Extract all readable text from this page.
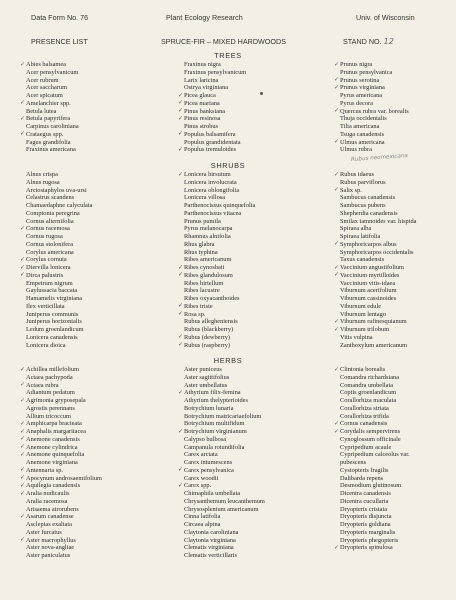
Data Form No. 76	Plant Ecology Research	Univ. of Wisconsin
PRESENCE LIST	SPRUCE-FIR – MIXED HARDWOODS	STAND NO. 12
TREES
✓ Abies balsamea
Acer pensylvanicum
Acer rubrum
Acer saccharum
Acer spicatum
✓ Amelanchier spp.
Betula lutea
✓ Betula papyrifera
Carpinus caroliniana
✓ Crataegus spp.
Fagus grandifolia
Fraxinus americana
Fraxinus nigra
Fraxinus pensylvanicum
Larix laricina
Ostrya virginiana
✓ Picea glauca
✓ Picea mariana
✓ Pinus banksiana
✓ Pinus resinosa
Pinus strobus
✓ Populus balsamifera
Populus grandidentata
✓ Populus tremuloides
✓ Prunus nigra
Prunus pensylvanica
✓ Prunus serotina
✓ Prunus virginiana
Pyrus americana
Pyrus decora
✓ Quercus rubra var. borealis
Thuja occidentalis
Tilia americana
Tsuga canadensis
✓ Ulmus americana
Ulmus rubra
Rubus neomexicana
SHRUBS
Alnus crispa
Alnus rugosa
Arctostaphylos uva-ursi
Celastrus scandens
Chamaedaphne calyculata
Comptonia peregrina
Cornus alternifolia
✓ Cornus racemosa
Cornus rugosa
Cornus stolonifera
Corylus americana
✓ Corylus cornuta
✓ Diervilla lonicera
✓ Dirca palustris
Empetrum nigrum
Gaylussacia baccata
Hamamelis virginiana
Ilex verticillata
Juniperus communis
Juniperus horizontalis
Ledum groenlandicum
Lonicera canadensis
Lonicera dioica
✓ Lonicera hirsutum
Lonicera involucrata
Lonicera oblongifolia
Lonicera villosa
Parthenocissus quinquefolia
Parthenocissus vitacea
Prunus pumila
Pyrus melanocarpa
Rhamnus alnifolia
Rhus glabra
Rhus typhina
Ribes americanum
✓ Ribes cynosbati
✓ Ribes glandulosum
Ribes hirtellum
Ribes lacustre
Ribes oxyacanthoides
✓ Ribes triste
✓ Rosa sp.
Rubus allegheniensis
Rubus (blackberry)
✓ Rubus (dewberry)
✓ Rubus (raspberry)
✓ Rubus idaeus
Rubus parviflorus
✓ Salix sp.
Sambucus canadensis
Sambucus pubens
Shepherdia canadensis
Smilax tamnoides var. hispida
Spiraea alba
Spiraea latifolia
✓ Symphoricarpos albus
Symphoricarpos occidentalis
Taxus canadensis
✓ Vaccinium angustifolium
✓ Vaccinium myrtilloides
Vaccinium vitis-idaea
Viburnum acerifolium
Viburnum cassinoides
Viburnum edule
Viburnum lentago
✓ Viburnum rafinesquianum
✓ Viburnum trilobum
Vitis vulpina
Zanthoxylum americanum
HERBS
✓ Achillea millefolium
Actaea pachypoda
✓ Actaea rubra
Adiantum pedatum
✓ Agrimonia gryposepala
Agrostis perennans
Allium tricoccum
✓ Amphicarpa bracteata
✓ Anaphalis margaritacea
✓ Anemone canadensis
✓ Anemone cylindrica
✓ Anemone quinquefolia
Anemone virginiana
✓ Antennaria sp.
✓ Apocynum androsaemifolium
✓ Aquilegia canadensis
✓ Aralia nudicaulis
Aralia racemosa
Arisaema atrorubens
✓ Asarum canadense
Asclepias exaltata
Aster furcatus
✓ Aster macrophyllus
Aster nova-angliae
Aster paniculatus
Aster puniceus
Aster sagittifolius
Aster umbellatus
✓ Athyrium filix-femina
Athyrium thelypterioides
Botrychium lunaria
Botrychium matricariaefolium
Botrychium multifidum
✓ Botrychium virginianum
Calypso bulbosa
Campanula rotundifolia
Carex arctata
Carex intumescens
✓ Carex pensylvanica
Carex woodii
✓ Carex spp.
Chimaphila umbellata
Chrysanthemum leucanthemum
Chrysosplenium americanum
Cinna latifolia
Circaea alpina
Claytonia caroliniana
Claytonia virginiana
Clematis virginiana
Clematis verticillaris
✓ Clintonia borealis
Comandra richardsiana
Comandra umbellata
Coptis groenlandicum
Corallorhiza maculata
Corallorhiza striata
Corallorhiza trifida
✓ Cornus canadensis
✓ Corydalis sempervirens
Cynoglossum officinale
Cypripedium acaule
Cypripedium calceolus var.
pubescens
Cystopteris fragilis
Dalibarda repens
Desmodium glutinosum
Dicentra canadensis
Dicentra cucullaria
Dryopteris cristata
Dryopteris disjuncta
Dryopteris goldiana
Dryopteris marginalis
Dryopteris phegopteris
✓ Dryopteris spinulosa
